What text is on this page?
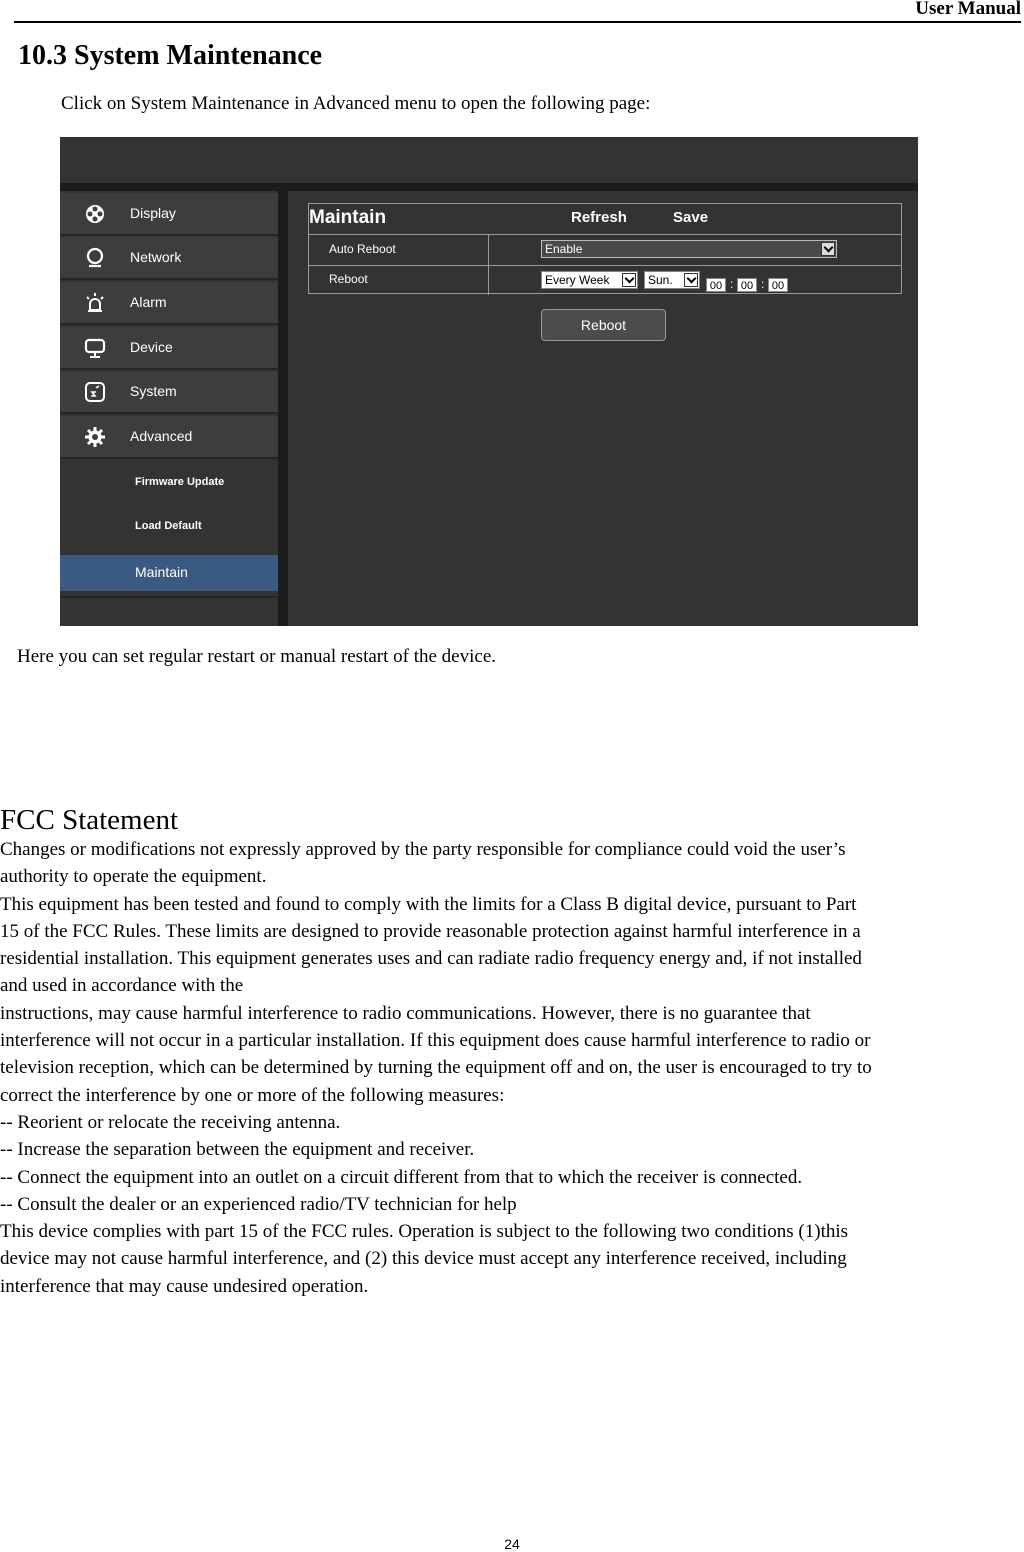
User Manual
10.3 System Maintenance
Click on System Maintenance in Advanced menu to open the following page:
Display
Network
Alarm
Device
System
Advanced
Firmware Update
Load Default
Maintain
Maintain	Refresh	Save
Auto Reboot	Enable
Reboot	Every Week	Sun.	00 : 00 : 00
Reboot
Here you can set regular restart or manual restart of the device.
FCC Statement

Changes or modifications not expressly approved by the party responsible for compliance could void the user’s

authority to operate the equipment.

This equipment has been tested and found to comply with the limits for a Class B digital device, pursuant to Part

15 of the FCC Rules. These limits are designed to provide reasonable protection against harmful interference in a

residential installation. This equipment generates uses and can radiate radio frequency energy and, if not installed

and used in accordance with the

instructions, may cause harmful interference to radio communications. However, there is no guarantee that

interference will not occur in a particular installation. If this equipment does cause harmful interference to radio or

television reception, which can be determined by turning the equipment off and on, the user is encouraged to try to

correct the interference by one or more of the following measures:

-- Reorient or relocate the receiving antenna.

-- Increase the separation between the equipment and receiver.

-- Connect the equipment into an outlet on a circuit different from that to which the receiver is connected.

-- Consult the dealer or an experienced radio/TV technician for help

This device complies with part 15 of the FCC rules. Operation is subject to the following two conditions (1)this

device may not cause harmful interference, and (2) this device must accept any interference received, including

interference that may cause undesired operation.

24
